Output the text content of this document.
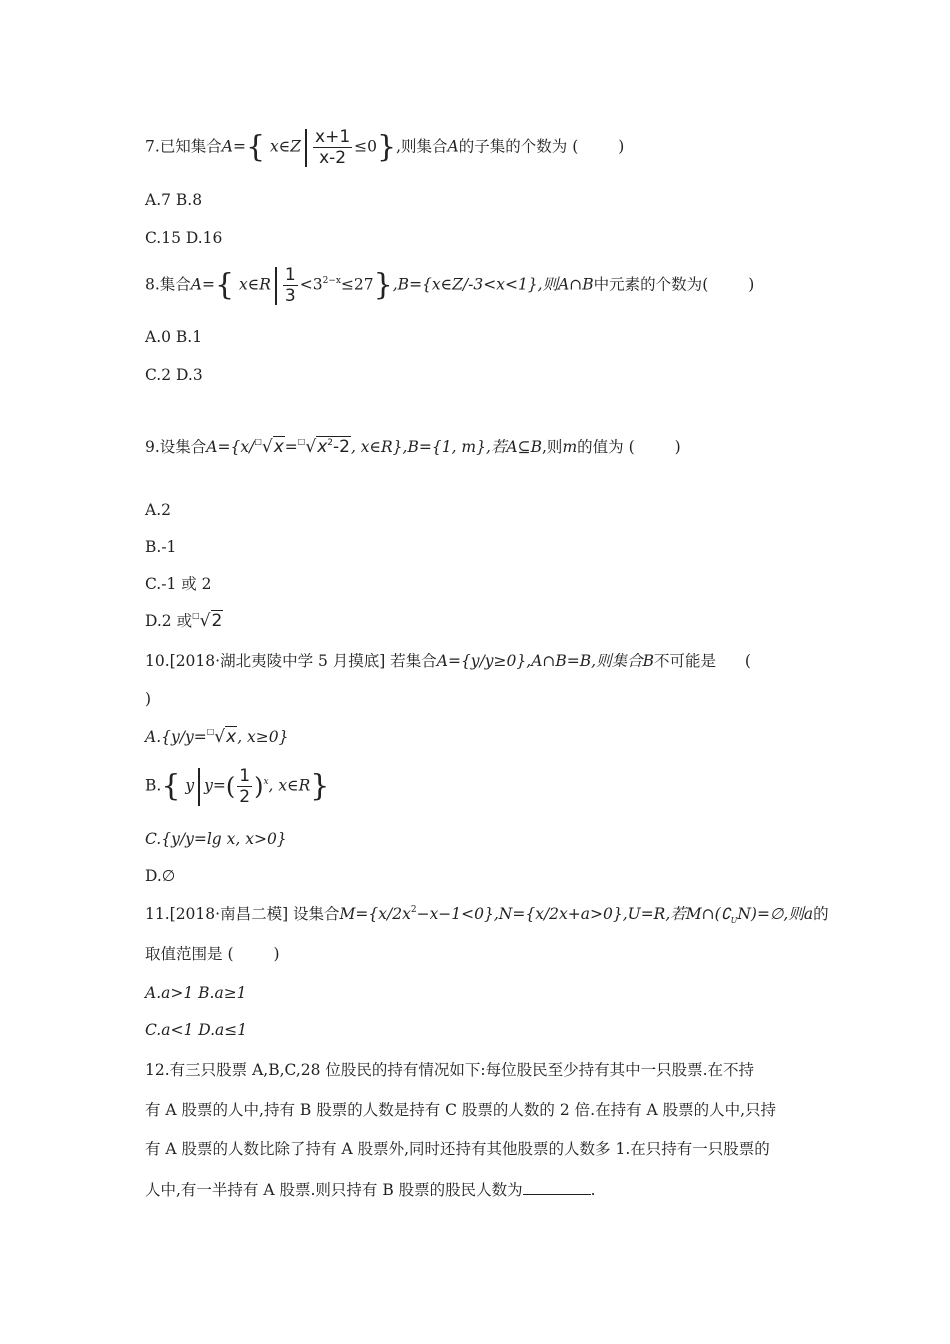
7.已知集合A={ x∈Z $\frac{x+1}{x-2} \le 0$},则集合A的子集的个数为 (	)
A.7 B.8
C.15 D.16
8.集合A={ x∈R $\frac{1}{3}$ $<3^{2-x}\le 27\},B=\{x\in Z/-3<x<1\}$,则A∩B中元素的个数为(	)
A.0 B.1
C.2 D.3
9.设集合$A=\{x/^□√x=^□√x^2-2$, x∈R},B={1, m},若A⊆B,则m的值为 (	)
A.2
B.-1
C.-1 或 2
D.2 或□√2
10.[2018·湖北夷陵中学 5 月摸底] 若集合A={y/y≥0},A∩B=B,则集合B不可能是 (
)
A.{y/y=□√x, x≥0}
B.{ y $y=( \frac{1}{2} )^x$, x∈R}
C.{y/y=lg x, x>0}
D.∅
11.[2018·南昌二模] 设集合$M=\{x/2x^2-x-1<0\},N=\{x/2x+a>0\},U=R$,若$M\cap(∁_UN)=\emptyset$,则a的
取值范围是 (	)
A.a>1 B.a≥1
C.a<1 D.a≤1
12.有三只股票 A,B,C,28 位股民的持有情况如下:每位股民至少持有其中一只股票.在不持
有 A 股票的人中,持有 B 股票的人数是持有 C 股票的人数的 2 倍.在持有 A 股票的人中,只持
有 A 股票的人数比除了持有 A 股票外,同时还持有其他股票的人数多 1.在只持有一只股票的
人中,有一半持有 A 股票.则只持有 B 股票的股民人数为	.
